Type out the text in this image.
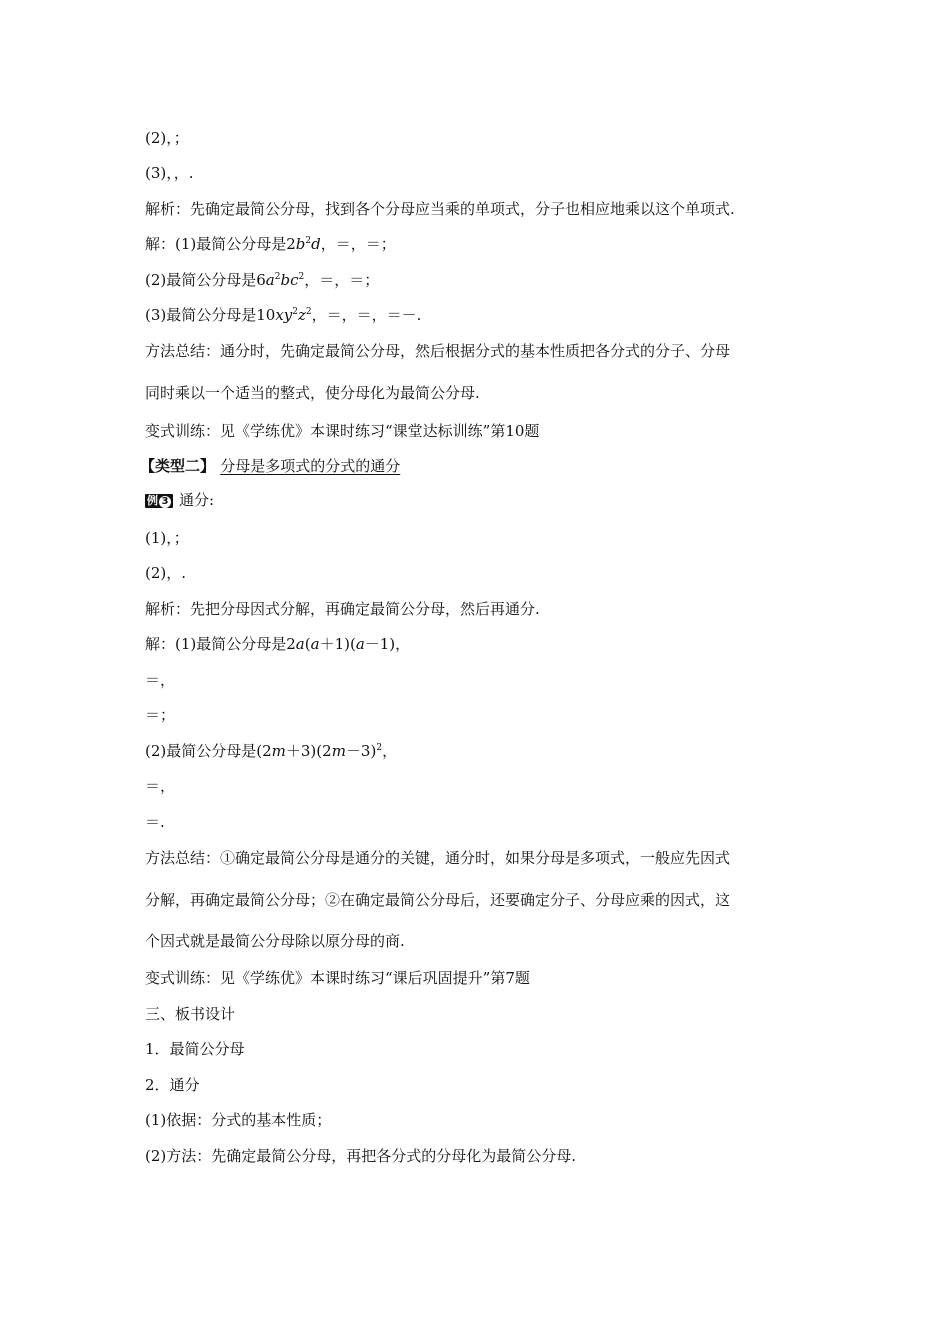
(2)，；
(3)，，.
解析：先确定最简公分母，找到各个分母应当乘的单项式，分子也相应地乘以这个单项式.
解：(1)最简公分母是$2b^2d$，＝，＝；
(2)最简公分母是$6a^2bc^2$，＝，＝；
(3)最简公分母是$10xy^2z^2$，＝，＝，＝－.
方法总结：通分时，先确定最简公分母，然后根据分式的基本性质把各分式的分子、分母
同时乘以一个适当的整式，使分母化为最简公分母.
变式训练：见《学练优》本课时练习“课堂达标训练”第10题
【类型二】 分母是多项式的分式的通分
例 3 通分:
(1)，；
(2)，.
解析：先把分母因式分解，再确定最简公分母，然后再通分.
解：(1)最简公分母是2a(a＋1)(a－1)，
＝，
＝；
(2)最简公分母是$(2m+3)(2m-3)^2$，
＝，
＝.
方法总结：①确定最简公分母是通分的关键，通分时，如果分母是多项式，一般应先因式
分解，再确定最简公分母；②在确定最简公分母后，还要确定分子、分母应乘的因式，这
个因式就是最简公分母除以原分母的商.
变式训练：见《学练优》本课时练习“课后巩固提升”第7题
三、板书设计
1．最简公分母
2．通分
(1)依据：分式的基本性质；
(2)方法：先确定最简公分母，再把各分式的分母化为最简公分母.
